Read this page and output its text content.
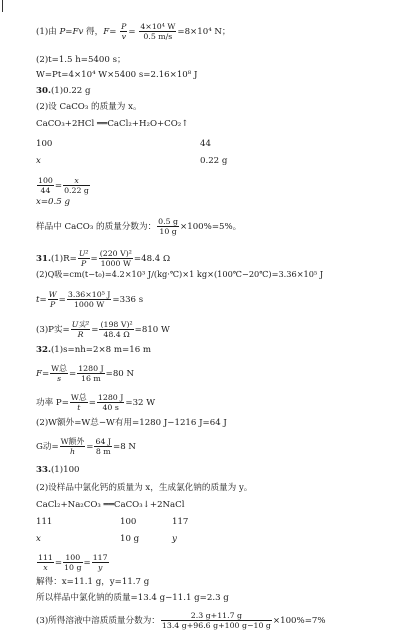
(1)由 P=Fv 得，$F= \frac{P}{v} = \frac{\text{4×10⁴ W}}{0.5 m/s} =8\times 10^4$ N；
(2)t=1.5 h=5400 s；
W=Pt=4×10⁴ W×5400 s=2.16×10⁸ J
30.(1)0.22 g
(2)设 CaCO₃ 的质量为 x。
CaCO₃+2HCl ══CaCl₂+H₂O+CO₂↑
100	44
x	0.22 g
$\frac{100}{44} = \frac{x}{0.22 g}$
x=0.5 g
样品中 CaCO₃ 的质量分数为： $\frac{0.5 g}{10 g} \times 100\%=5\%$。
$31.(1)R= \frac{\text{U²}}{P} = \frac{\text{(220 V)²}}{1000 W} =48.4$ Ω
(2)Q吸=cm(t−t₀)=4.2×10³ J/(kg·℃)×1 kg×(100℃−20℃)=3.36×10⁵ J
$t= \frac{W}{P} = \frac{\text{3.36×10⁵ J}}{1000 W} =336$ s
(3)P实= $\frac{\text{U实²}}{R} = \frac{\text{(198 V)²}}{48.4 \Omega} =810$ W
32.(1)s=nh=2×8 m=16 m
$F= \frac{\text{W总}}{s} = \frac{1280 J}{16 m} =80$ N
功率 $P= \frac{\text{W总}}{t} = \frac{1280 J}{40 s} =32$ W
(2)W额外=W总−W有用=1280 J−1216 J=64 J
G动= $\frac{\text{W额外}}{h} = \frac{64 J}{8 m} =8$ N
33.(1)100
(2)设样品中氯化钙的质量为 x，生成氯化钠的质量为 y。
CaCl₂+Na₂CO₃ ══CaCO₃↓+2NaCl
111	100	117
x	10 g	y
$\frac{111}{x} = \frac{100}{10 g} = \frac{117}{y}$
解得：x=11.1 g，y=11.7 g
所以样品中氯化钠的质量=13.4 g−11.1 g=2.3 g
(3)所得溶液中溶质质量分数为： $\frac{2.3 g+11.7 g}{13.4 g+96.6 g+100 g-10 g} \times 100\%=7\%$
